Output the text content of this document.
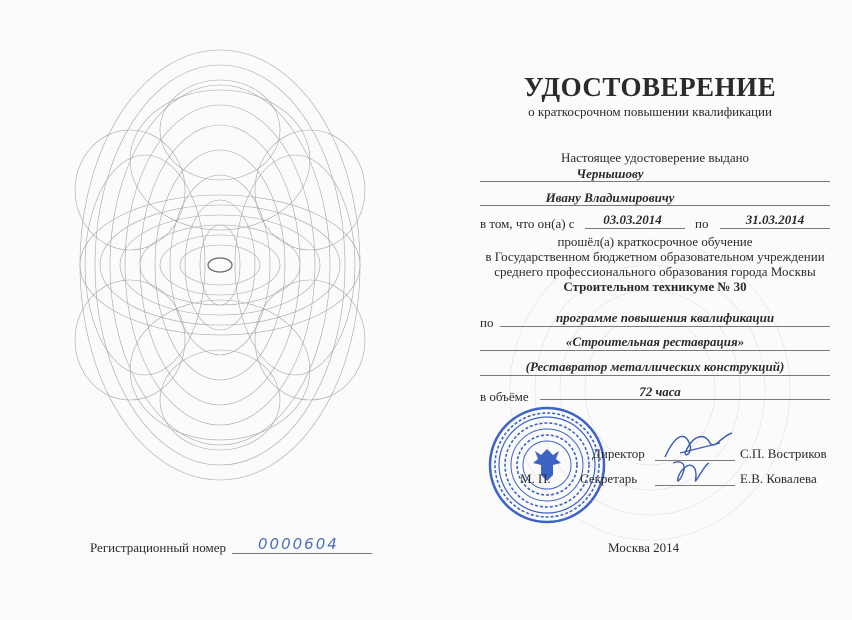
УДОСТОВЕРЕНИЕ
о краткосрочном повышении квалификации
Настоящее удостоверение выдано
Чернышову
Ивану Владимировичу
в том, что он(а) с	03.03.2014	по	31.03.2014
прошёл(а) краткосрочное обучение
в Государственном бюджетном образовательном учреждении
среднего профессионального образования города Москвы
Строительном техникуме № 30
по	программе повышения квалификации
«Строительная реставрация»
(Реставратор металлических конструкций)
в объёме	72 часа
Директор	С.П. Востриков
М. П. Секретарь	Е.В. Ковалева
Регистрационный номер 0000604	Москва 2014
